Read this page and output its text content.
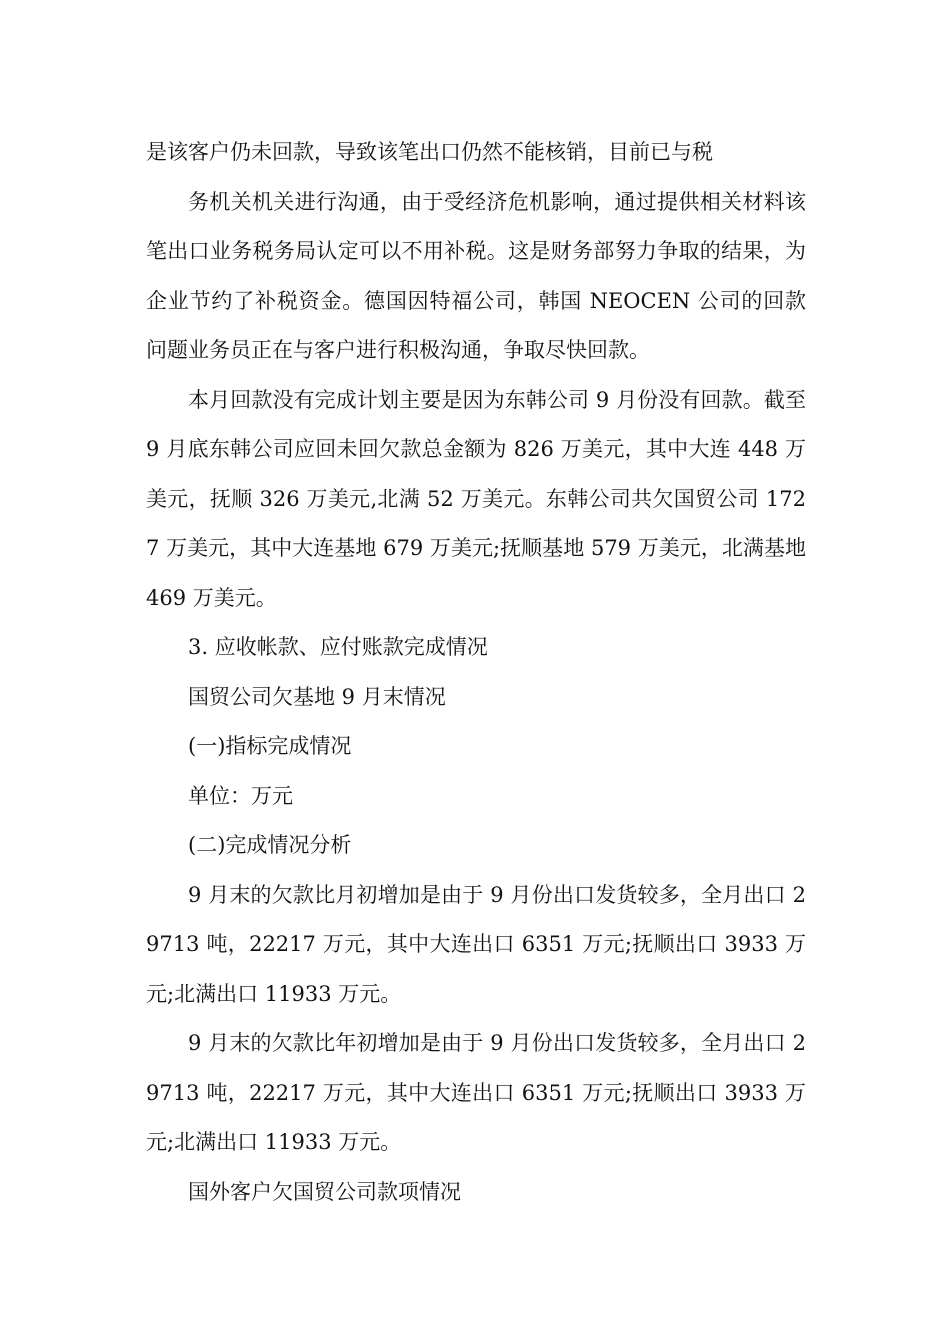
是该客户仍未回款，导致该笔出口仍然不能核销，目前已与税

务机关机关进行沟通，由于受经济危机影响，通过提供相关材料该笔出口业务税务局认定可以不用补税。这是财务部努力争取的结果，为企业节约了补税资金。德国因特福公司，韩国 NEOCEN 公司的回款问题业务员正在与客户进行积极沟通，争取尽快回款。

本月回款没有完成计划主要是因为东韩公司 9 月份没有回款。截至 9 月底东韩公司应回未回欠款总金额为 826 万美元，其中大连 448 万美元，抚顺 326 万美元,北满 52 万美元。东韩公司共欠国贸公司 1727 万美元，其中大连基地 679 万美元;抚顺基地 579 万美元，北满基地 469 万美元。

3. 应收帐款、应付账款完成情况

国贸公司欠基地 9 月末情况

(一)指标完成情况

单位：万元

(二)完成情况分析

9 月末的欠款比月初增加是由于 9 月份出口发货较多，全月出口 29713 吨，22217 万元，其中大连出口 6351 万元;抚顺出口 3933 万元;北满出口 11933 万元。

9 月末的欠款比年初增加是由于 9 月份出口发货较多，全月出口 29713 吨，22217 万元，其中大连出口 6351 万元;抚顺出口 3933 万元;北满出口 11933 万元。

国外客户欠国贸公司款项情况
